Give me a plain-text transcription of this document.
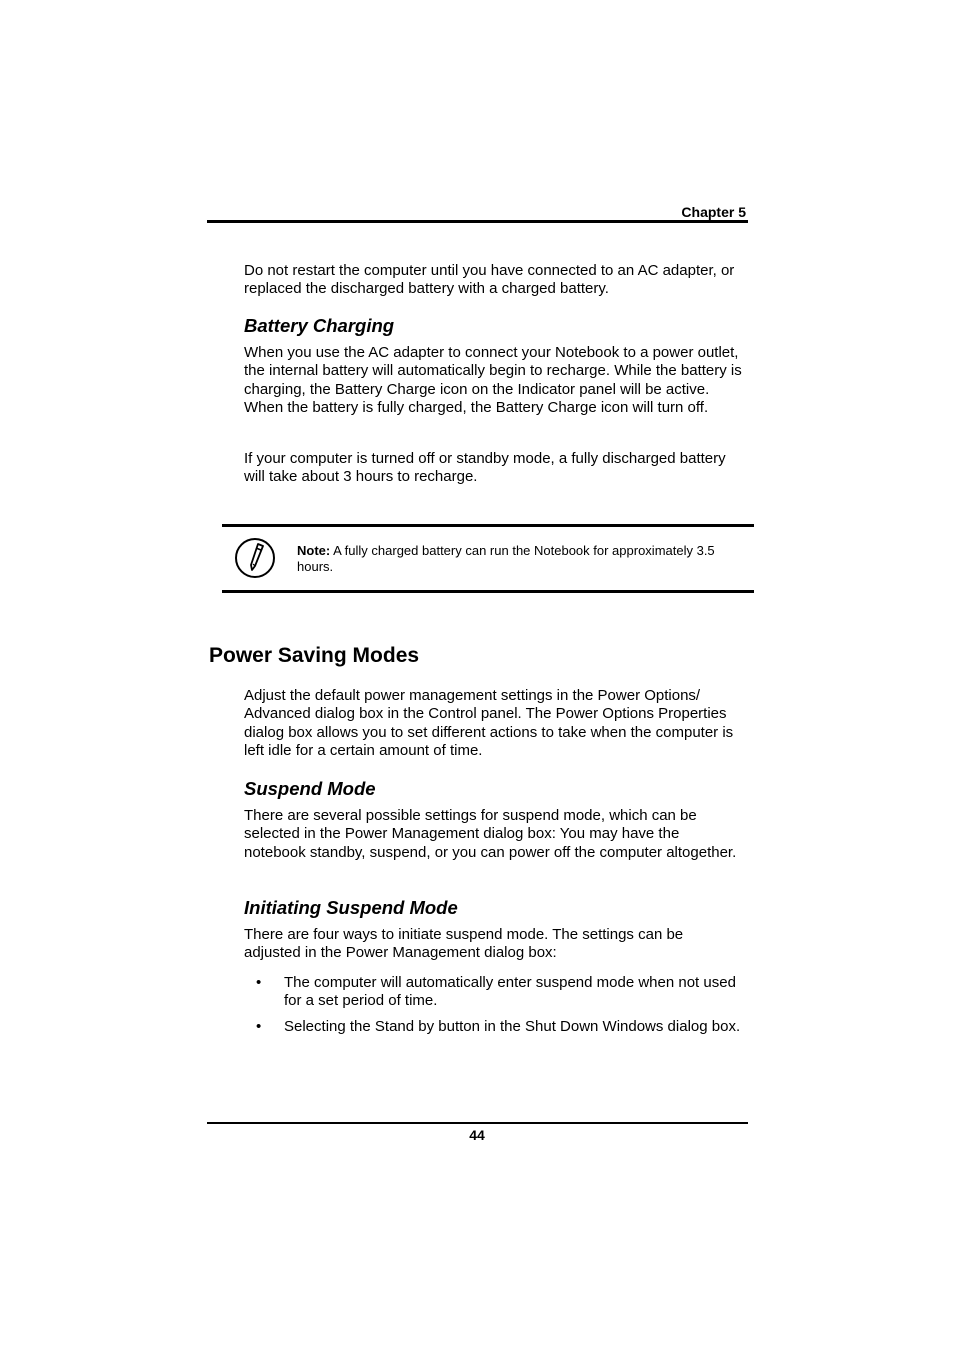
Chapter 5

Do not restart the computer until you have connected to an AC adapter, or replaced the discharged battery with a charged battery.

Battery Charging

When you use the AC adapter to connect your Notebook to a power outlet, the internal battery will automatically begin to recharge. While the battery is charging, the Battery Charge icon on the Indicator panel will be active. When the battery is fully charged, the Battery Charge icon will turn off.

If your computer is turned off or standby mode, a fully discharged battery will take about 3 hours to recharge.

Note: A fully charged battery can run the Notebook for approximately 3.5 hours.

Power Saving Modes

Adjust the default power management settings in the Power Options/ Advanced dialog box in the Control panel. The Power Options Properties dialog box allows you to set different actions to take when the computer is left idle for a certain amount of time.

Suspend Mode

There are several possible settings for suspend mode, which can be selected in the Power Management dialog box: You may have the notebook standby, suspend, or you can power off the computer altogether.

Initiating Suspend Mode

There are four ways to initiate suspend mode. The settings can be adjusted in the Power Management dialog box:

• The computer will automatically enter suspend mode when not used for a set period of time.

• Selecting the Stand by button in the Shut Down Windows dialog box.

44
